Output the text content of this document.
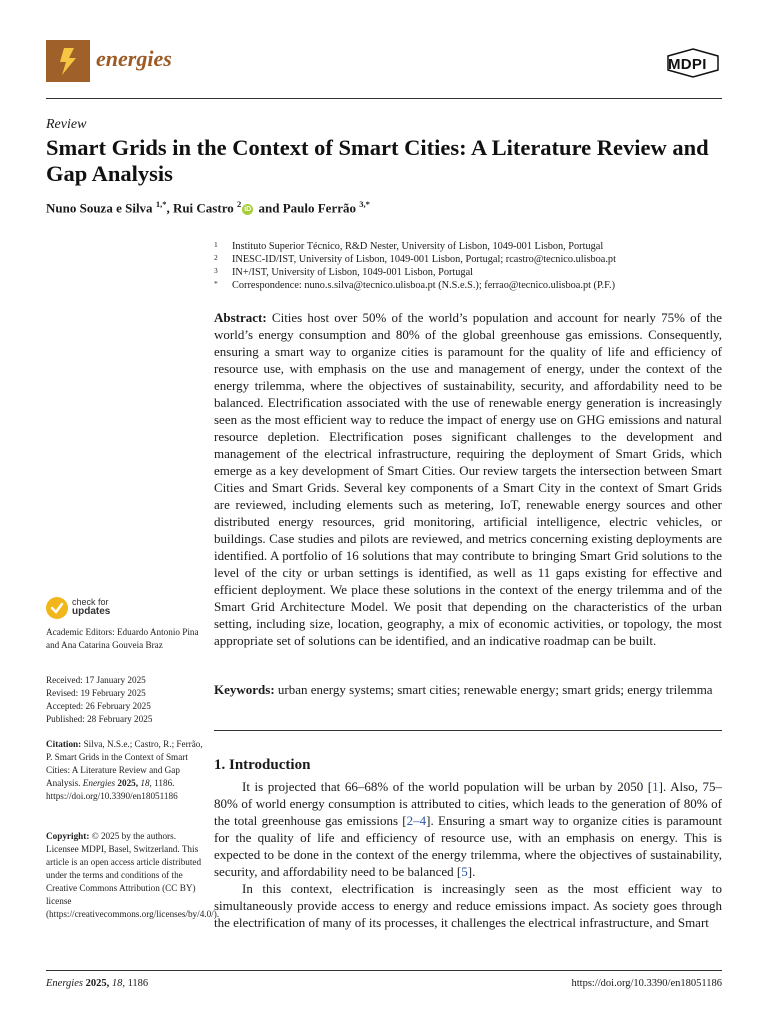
energies	MDPI
Review
Smart Grids in the Context of Smart Cities: A Literature Review and Gap Analysis
Nuno Souza e Silva $^{1,*}$, Rui Castro $^2$iD and Paulo Ferrão $^{3,*}$
1 Instituto Superior Técnico, R&D Nester, University of Lisbon, 1049-001 Lisbon, Portugal
2 INESC-ID/IST, University of Lisbon, 1049-001 Lisbon, Portugal; rcastro@tecnico.ulisboa.pt
3 IN+/IST, University of Lisbon, 1049-001 Lisbon, Portugal
* Correspondence: nuno.s.silva@tecnico.ulisboa.pt (N.S.e.S.); ferrao@tecnico.ulisboa.pt (P.F.)
Abstract: Cities host over 50% of the world’s population and account for nearly 75% of the world’s energy consumption and 80% of the global greenhouse gas emissions. Consequently, ensuring a smart way to organize cities is paramount for the quality of life and efficiency of resource use, with emphasis on the use and management of energy, under the context of the energy trilemma, where the objectives of sustainability, security, and affordability need to be balanced. Electrification associated with the use of renewable energy generation is increasingly seen as the most efficient way to reduce the impact of energy use on GHG emissions and natural resource depletion. Electrification poses significant challenges to the development and management of the electrical infrastructure, requiring the deployment of Smart Grids, which emerge as a key development of Smart Cities. Our review targets the intersection between Smart Cities and Smart Grids. Several key components of a Smart City in the context of Smart Grids are reviewed, including elements such as metering, IoT, renewable energy sources and other distributed energy resources, grid monitoring, artificial intelligence, electric vehicles, or buildings. Case studies and pilots are reviewed, and metrics concerning existing deployments are identified. A portfolio of 16 solutions that may contribute to bringing Smart Grid solutions to the level of the city or urban settings is identified, as well as 11 gaps existing for effective and efficient deployment. We place these solutions in the context of the energy trilemma and of the Smart Grid Architecture Model. We posit that depending on the characteristics of the urban setting, including size, location, geography, a mix of economic activities, or topology, the most appropriate set of solutions can be identified, and an indicative roadmap can be built.
Keywords: urban energy systems; smart cities; renewable energy; smart grids; energy trilemma
1. Introduction

It is projected that 66–68% of the world population will be urban by 2050 [1]. Also, 75–80% of world energy consumption is attributed to cities, which leads to the generation of 80% of the total greenhouse gas emissions [2–4]. Ensuring a smart way to organize cities is paramount for the quality of life and efficiency of resource use, with an emphasis on energy. This is expected to be done in the context of the energy trilemma, where the objectives of sustainability, security, and affordability need to be balanced [5].

In this context, electrification is increasingly seen as the most efficient way to simultaneously provide access to energy and reduce emissions impact. As society goes through the electrification of many of its processes, it challenges the electrical infrastructure, and Smart

check for
updates
Academic Editors: Eduardo Antonio Pina and Ana Catarina Gouveia Braz
Received: 17 January 2025
Revised: 19 February 2025
Accepted: 26 February 2025
Published: 28 February 2025
Citation: Silva, N.S.e.; Castro, R.; Ferrão, P. Smart Grids in the Context of Smart Cities: A Literature Review and Gap Analysis. Energies 2025, 18, 1186. https://doi.org/10.3390/en18051186
Copyright: © 2025 by the authors. Licensee MDPI, Basel, Switzerland. This article is an open access article distributed under the terms and conditions of the Creative Commons Attribution (CC BY) license (https://creativecommons.org/licenses/by/4.0/).
Energies 2025, 18, 1186	https://doi.org/10.3390/en18051186
